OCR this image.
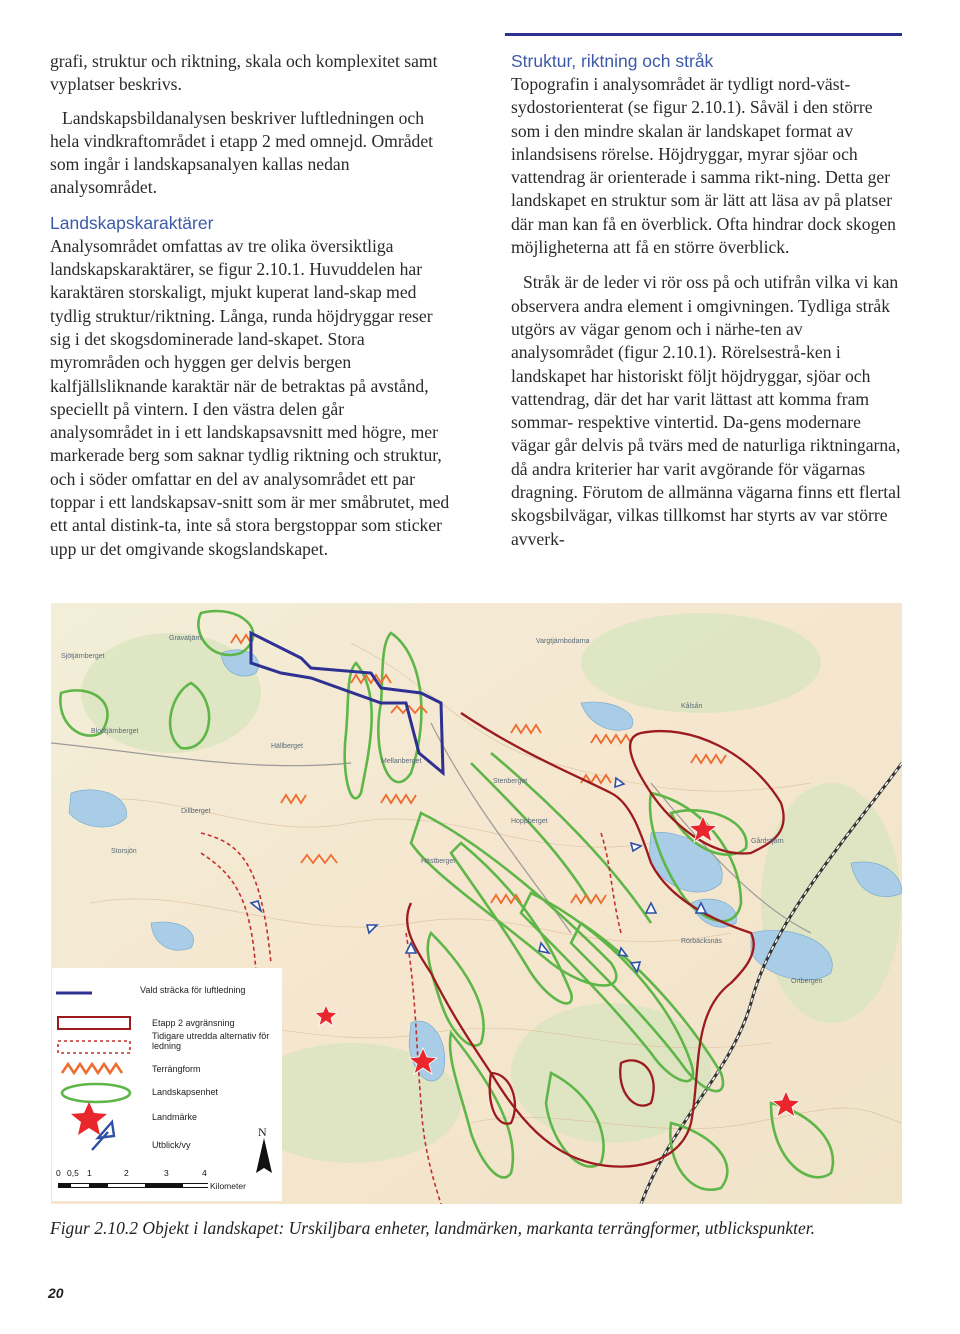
grafi, struktur och riktning, skala och komplexitet samt vyplatser beskrivs.

Landskapsbildanalysen beskriver luftledningen och hela vindkraftområdet i etapp 2 med omnejd. Området som ingår i landskapsanalyen kallas nedan analysområdet.

Landskapskaraktärer

Analysområdet omfattas av tre olika översiktliga landskapskaraktärer, se figur 2.10.1. Huvuddelen har karaktären storskaligt, mjukt kuperat land-skap med tydlig struktur/riktning. Långa, runda höjdryggar reser sig i det skogsdominerade land-skapet. Stora myrområden och hyggen ger delvis bergen kalfjällsliknande karaktär när de betraktas på avstånd, speciellt på vintern. I den västra delen går analysområdet in i ett landskapsavsnitt med högre, mer markerade berg som saknar tydlig riktning och struktur, och i söder omfattar en del av analysområdet ett par toppar i ett landskapsav-snitt som är mer småbrutet, med ett antal distink-ta, inte så stora bergstoppar som sticker upp ur det omgivande skogslandskapet.

Struktur, riktning och stråk

Topografin i analysområdet är tydligt nord-väst-sydostorienterat (se figur 2.10.1). Såväl i den större som i den mindre skalan är landskapet format av inlandsisens rörelse. Höjdryggar, myrar sjöar och vattendrag är orienterade i samma rikt-ning. Detta ger landskapet en struktur som är lätt att läsa av på platser där man kan få en överblick. Ofta hindrar dock skogen möjligheterna att få en större överblick.

Stråk är de leder vi rör oss på och utifrån vilka vi kan observera andra element i omgivningen. Tydliga stråk utgörs av vägar genom och i närhe-ten av analysområdet (figur 2.10.1). Rörelsestrå-ken i landskapet har historiskt följt höjdryggar, sjöar och vattendrag, där det har varit lättast att komma fram sommar- respektive vintertid. Da-gens modernare vägar går delvis på tvärs med de naturliga riktningarna, då andra kriterier har varit avgörande för vägarnas dragning. Förutom de allmänna vägarna finns ett flertal skogsbilvägar, vilkas tillkomst har styrts av var större avverk-

Gravatjärn
Sjötjärnberget
Hällberget
Blodtjärnberget
Stenberget
Hoppberget
Kålsån
Gårdstjärn
Mellanberget
Vargtjärnbodarna
Rörbäcksnäs
Hästberget
Ortbergen
Dillberget
Storsjön
Vald sträcka för luftledning
Etapp 2 avgränsning
Tidigare utredda alternativ för ledning
Terrängform
Landskapsenhet
Landmärke
Utblick/vy
N
0 0,5 1	2	3	4
Kilometer
Figur 2.10.2 Objekt i landskapet: Urskiljbara enheter, landmärken, markanta terrängformer, utblickspunkter.
20
